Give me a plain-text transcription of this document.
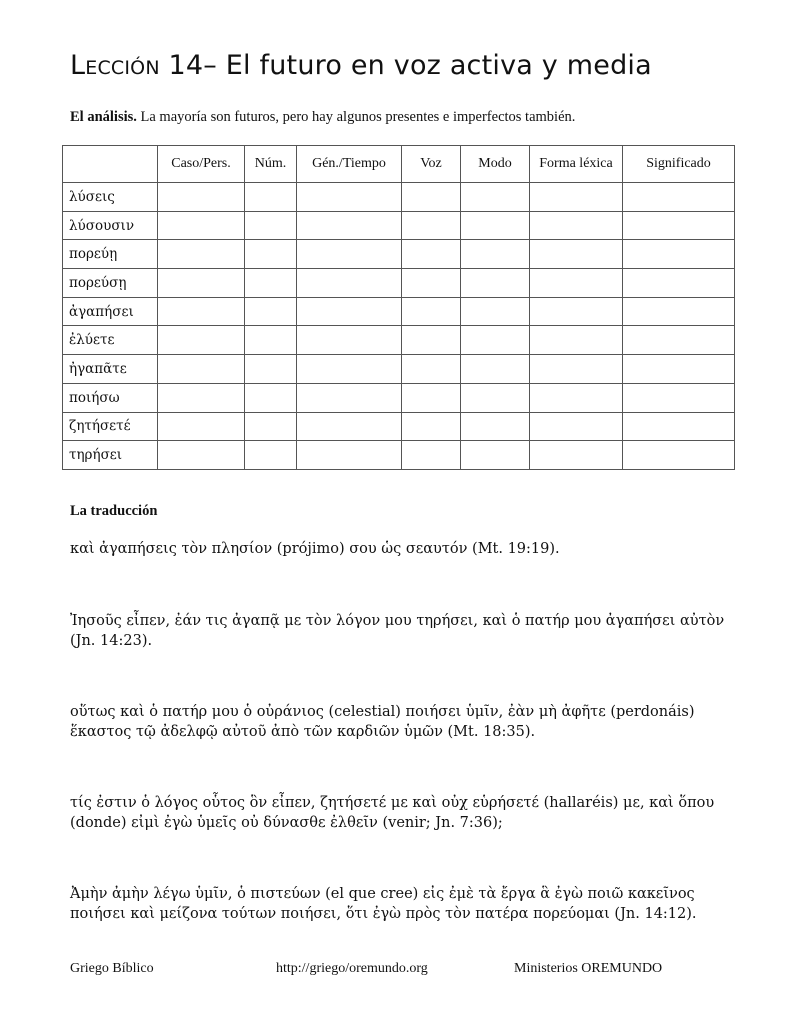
Lección 14– El futuro en voz activa y media
El análisis. La mayoría son futuros, pero hay algunos presentes e imperfectos también.
	Caso/Pers.	Núm.	Gén./Tiempo	Voz	Modo	Forma léxica	Significado
λύσεις							
λύσουσιν							
πορεύῃ							
πορεύσῃ							
ἀγαπήσει							
ἐλύετε							
ἠγαπᾶτε							
ποιήσω							
ζητήσετέ							
τηρήσει							
La traducción
καὶ ἀγαπήσεις τὸν πλησίον (prójimo) σου ὡς σεαυτόν (Mt. 19:19).
Ἰησοῦς εἶπεν, ἐάν τις ἀγαπᾷ με τὸν λόγον μου τηρήσει, καὶ ὁ πατήρ μου ἀγαπήσει αὐτὸν (Jn. 14:23).
οὕτως καὶ ὁ πατήρ μου ὁ οὐράνιος (celestial) ποιήσει ὑμῖν, ἐὰν μὴ ἀφῆτε (perdonáis) ἕκαστος τῷ ἀδελφῷ αὐτοῦ ἀπὸ τῶν καρδιῶν ὑμῶν (Mt. 18:35).
τίς ἐστιν ὁ λόγος οὗτος ὃν εἶπεν, ζητήσετέ με καὶ οὐχ εὑρήσετέ (hallaréis) με, καὶ ὅπου (donde) εἰμὶ ἐγὼ ὑμεῖς οὐ δύνασθε ἐλθεῖν (venir; Jn. 7:36);
Ἀμὴν ἀμὴν λέγω ὑμῖν, ὁ πιστεύων (el que cree) εἰς ἐμὲ τὰ ἔργα ἃ ἐγὼ ποιῶ κακεῖνος ποιήσει καὶ μείζονα τούτων ποιήσει, ὅτι ἐγὼ πρὸς τὸν πατέρα πορεύομαι (Jn. 14:12).
Griego Bíblico	http://griego/oremundo.org	Ministerios OREMUNDO
